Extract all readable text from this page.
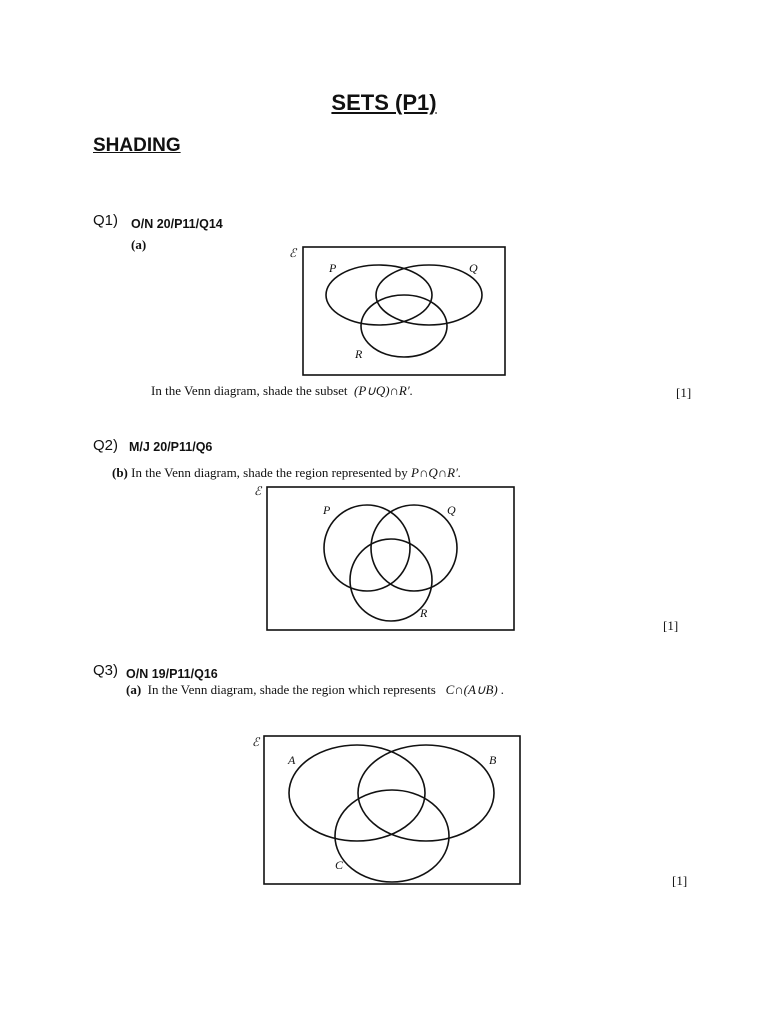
SETS (P1)
SHADING
Q1) O/N 20/P11/Q14
(a)
ℰ
P	Q
R
In the Venn diagram, shade the subset (P∪Q)∩R′.	[1]
Q2) M/J 20/P11/Q6
(b) In the Venn diagram, shade the region represented by P∩Q∩R′.
ℰ
P	Q
R
[1]
Q3) O/N 19/P11/Q16
(a) In the Venn diagram, shade the region which represents C∩(A∪B) .
ℰ
A	B
C
[1]
